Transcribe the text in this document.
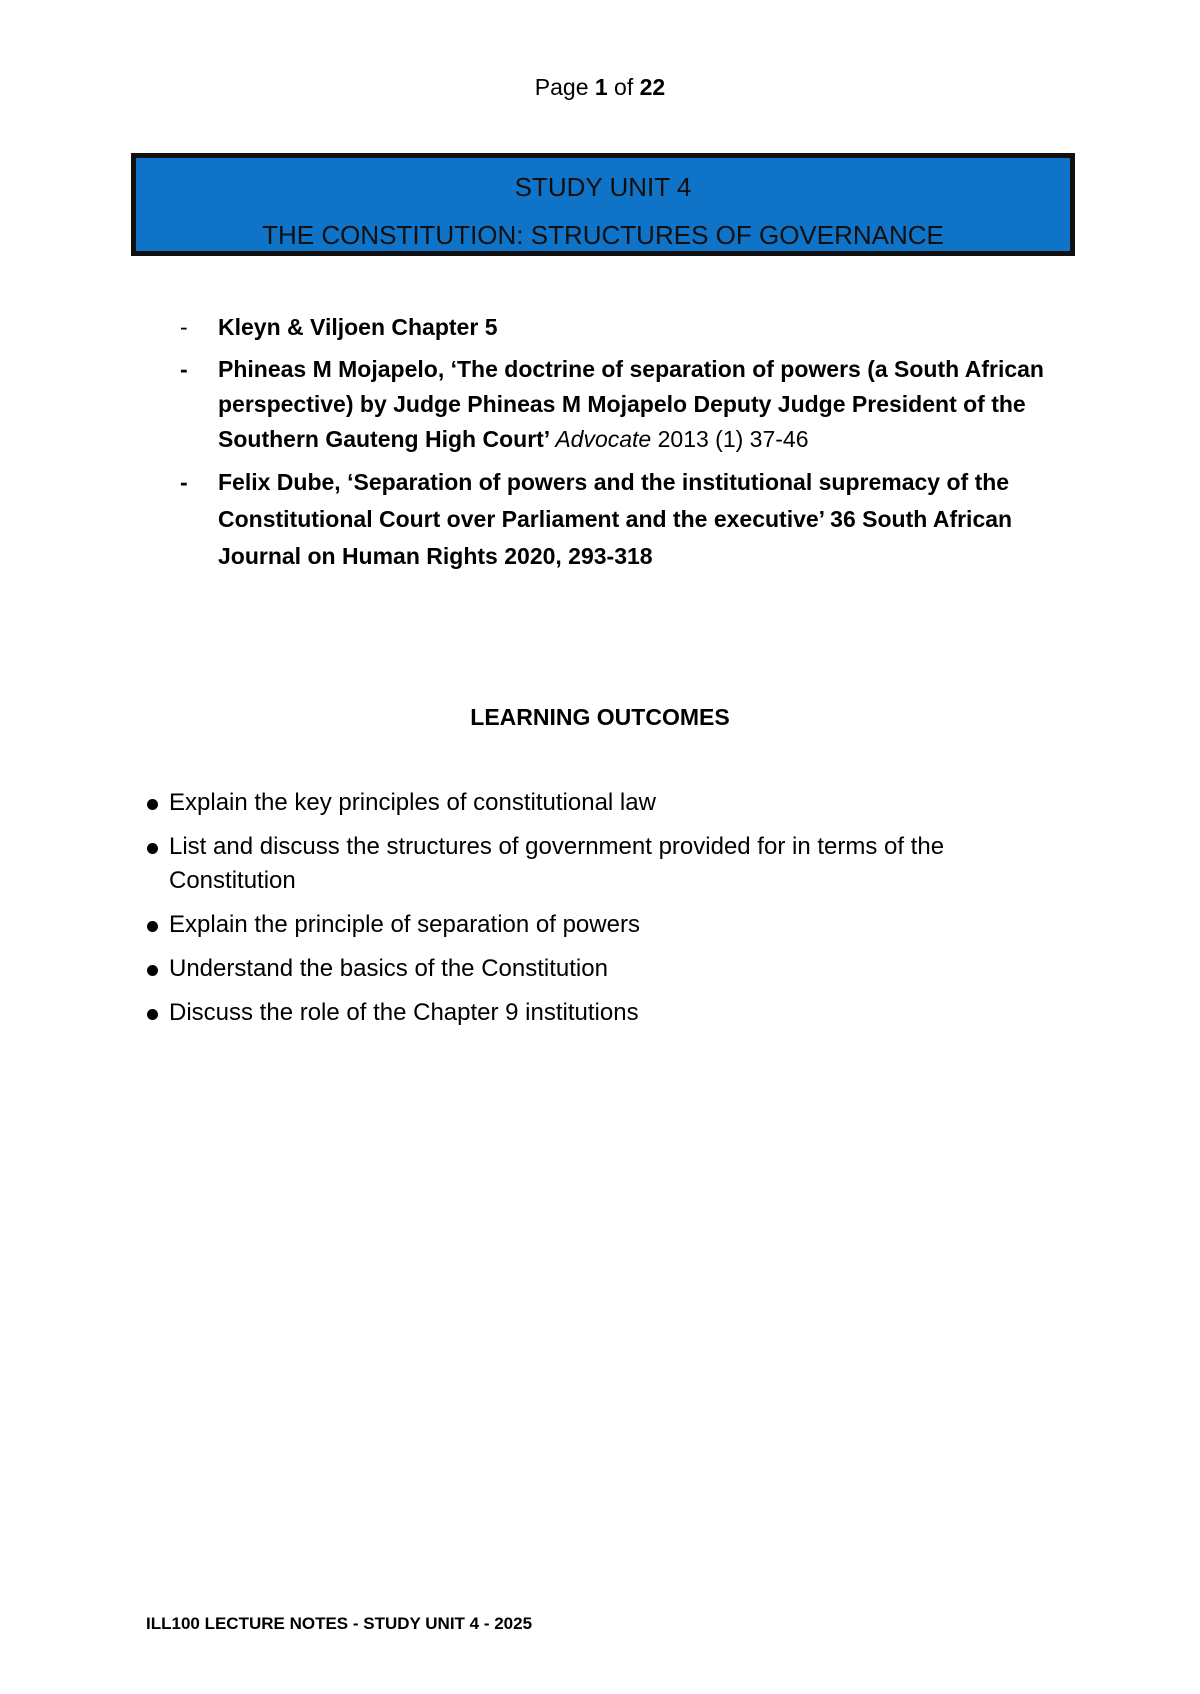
Page 1 of 22
STUDY UNIT 4
THE CONSTITUTION: STRUCTURES OF GOVERNANCE
- Kleyn & Viljoen Chapter 5
- Phineas M Mojapelo, ‘The doctrine of separation of powers (a South African perspective) by Judge Phineas M Mojapelo Deputy Judge President of the Southern Gauteng High Court’ Advocate 2013 (1) 37-46
- Felix Dube, ‘Separation of powers and the institutional supremacy of the Constitutional Court over Parliament and the executive’ 36 South African Journal on Human Rights 2020, 293-318
LEARNING OUTCOMES
Explain the key principles of constitutional law
List and discuss the structures of government provided for in terms of the Constitution
Explain the principle of separation of powers
Understand the basics of the Constitution
Discuss the role of the Chapter 9 institutions
ILL100 LECTURE NOTES - STUDY UNIT 4 - 2025
